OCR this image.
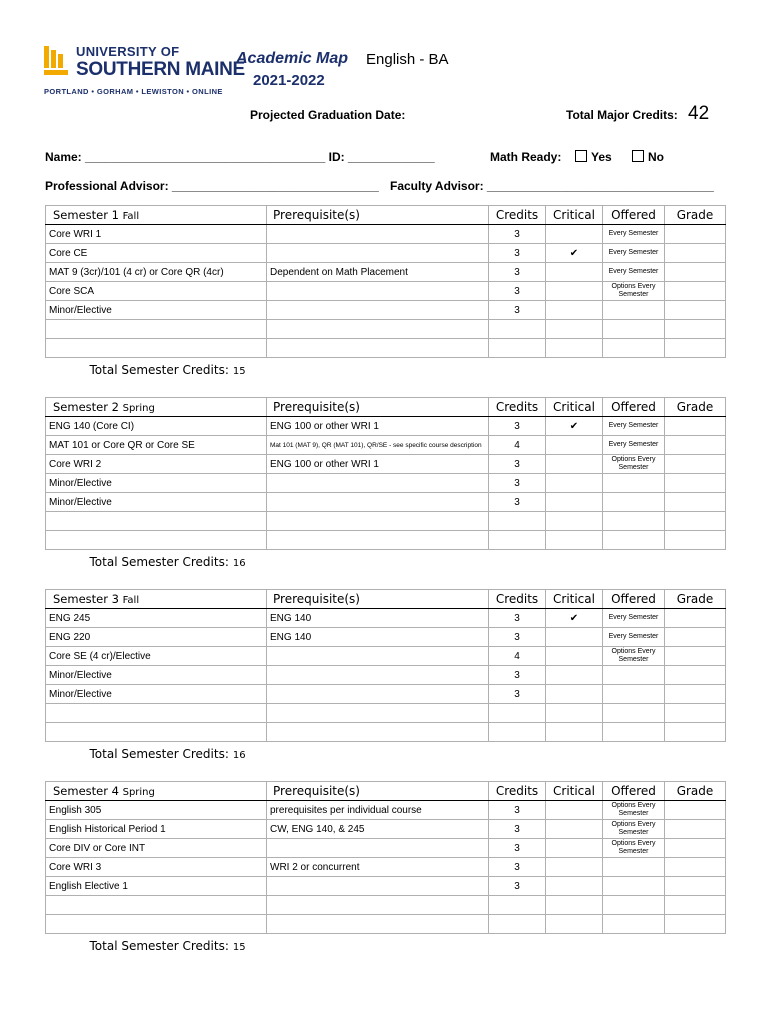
UNIVERSITY OF
SOUTHERN MAINE
PORTLAND • GORHAM • LEWISTON • ONLINE
Academic Map English - BA
2021-2022
Projected Graduation Date:	Total Major Credits: 42
Name: ____________________________________ ID: _____________	Math Ready:	Yes	No
Professional Advisor: _______________________________ Faculty Advisor: __________________________________
Semester 1 Fall	Prerequisite(s)	Credits	Critical	Offered	Grade
Core WRI 1		3		Every Semester	
Core CE		3	✔	Every Semester	
MAT 9 (3cr)/101 (4 cr) or Core QR (4cr)	Dependent on Math Placement	3		Every Semester	
Core SCA		3		Options Every Semester	
Minor/Elective		3			

Total Semester Credits: 15					
Semester 2 Spring	Prerequisite(s)	Credits	Critical	Offered	Grade
ENG 140 (Core CI)	ENG 100 or other WRI 1	3	✔	Every Semester	
MAT 101 or Core QR or Core SE	Mat 101 (MAT 9), QR (MAT 101), QR/SE - see specific course description	4		Every Semester	
Core WRI 2	ENG 100 or other WRI 1	3		Options Every Semester	
Minor/Elective		3			
Minor/Elective		3			

Total Semester Credits: 16					
Semester 3 Fall	Prerequisite(s)	Credits	Critical	Offered	Grade
ENG 245	ENG 140	3	✔	Every Semester	
ENG 220	ENG 140	3		Every Semester	
Core SE (4 cr)/Elective		4		Options Every Semester	
Minor/Elective		3			
Minor/Elective		3			

Total Semester Credits: 16					
Semester 4 Spring	Prerequisite(s)	Credits	Critical	Offered	Grade
English 305	prerequisites per individual course	3		Options Every Semester	
English Historical Period 1	CW, ENG 140, & 245	3		Options Every Semester	
Core DIV or Core INT		3		Options Every Semester	
Core WRI 3	WRI 2 or concurrent	3			
English Elective 1		3			

Total Semester Credits: 15					
